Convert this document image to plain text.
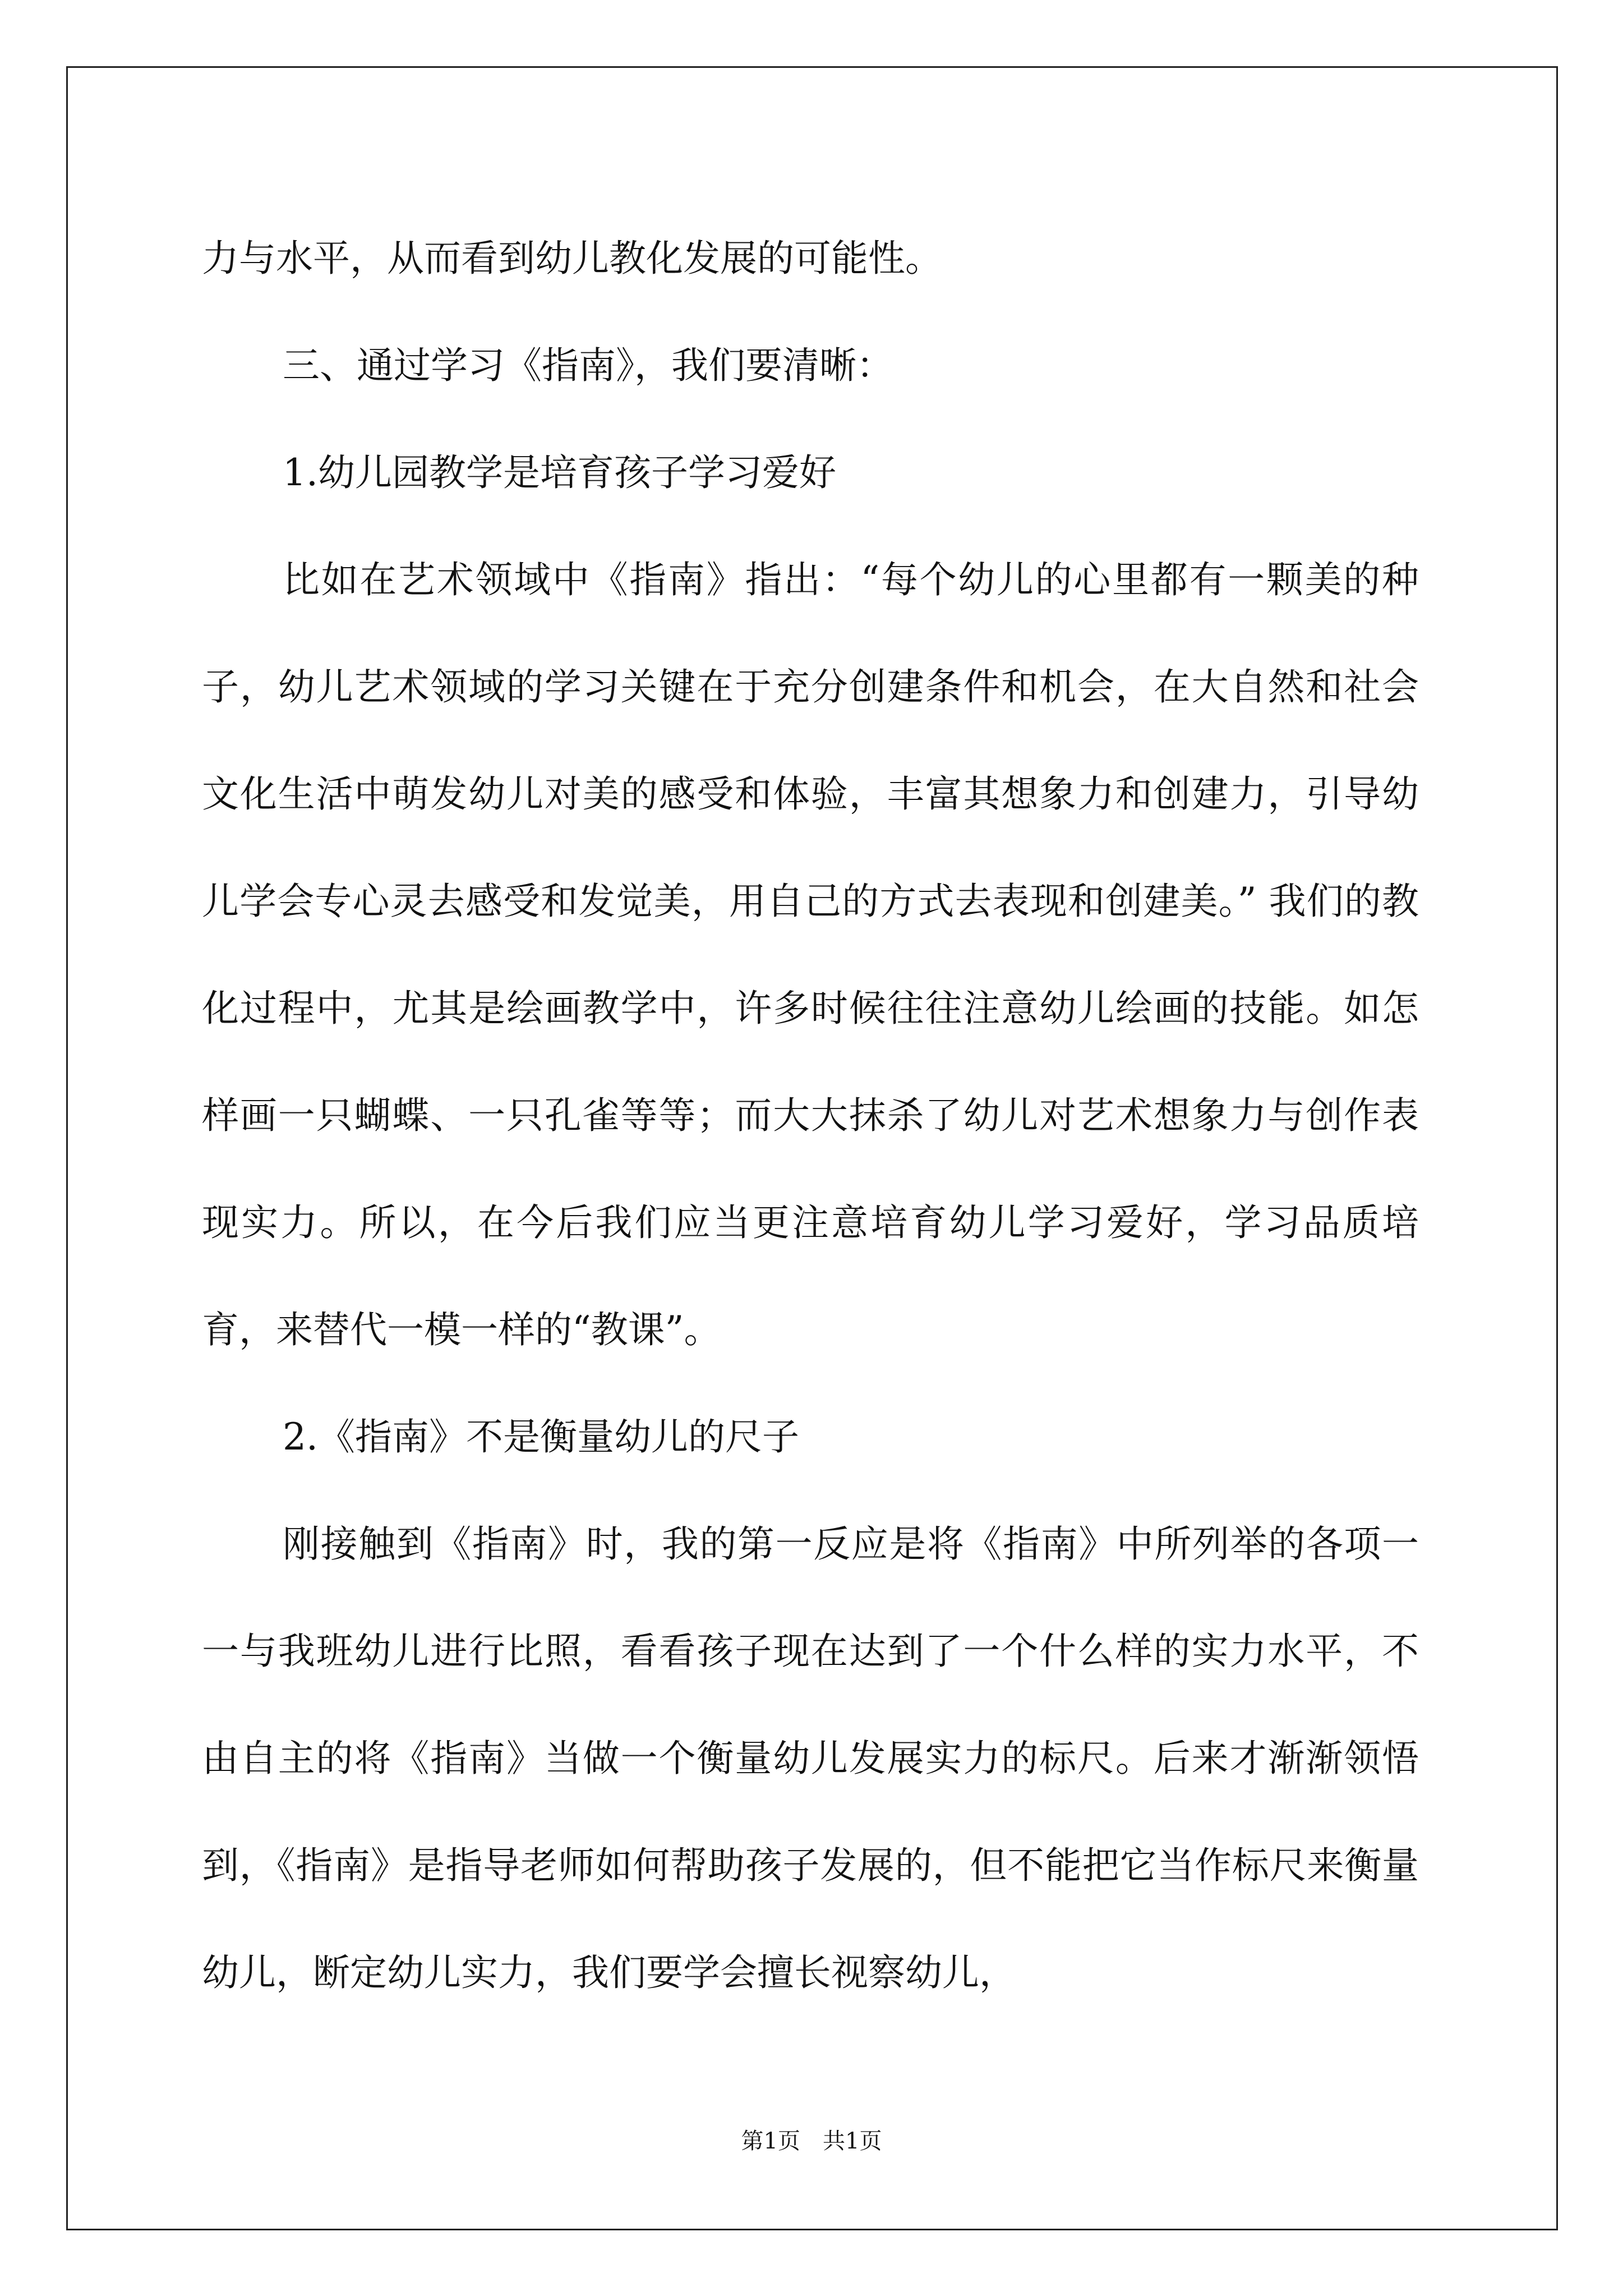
力与水平，从而看到幼儿教化发展的可能性。

三、通过学习《指南》，我们要清晰：

1.幼儿园教学是培育孩子学习爱好

比如在艺术领域中《指南》指出：“每个幼儿的心里都有一颗美的种子，幼儿艺术领域的学习关键在于充分创建条件和机会，在大自然和社会文化生活中萌发幼儿对美的感受和体验，丰富其想象力和创建力，引导幼儿学会专心灵去感受和发觉美，用自己的方式去表现和创建美。” 我们的教化过程中，尤其是绘画教学中，许多时候往往注意幼儿绘画的技能。如怎样画一只蝴蝶、一只孔雀等等；而大大抹杀了幼儿对艺术想象力与创作表现实力。所以，在今后我们应当更注意培育幼儿学习爱好，学习品质培育，来替代一模一样的“教课”。

2.《指南》不是衡量幼儿的尺子

刚接触到《指南》时，我的第一反应是将《指南》中所列举的各项一一与我班幼儿进行比照，看看孩子现在达到了一个什么样的实力水平，不由自主的将《指南》当做一个衡量幼儿发展实力的标尺。后来才渐渐领悟到，《指南》是指导老师如何帮助孩子发展的，但不能把它当作标尺来衡量幼儿，断定幼儿实力，我们要学会擅长视察幼儿，

第1页 共1页
